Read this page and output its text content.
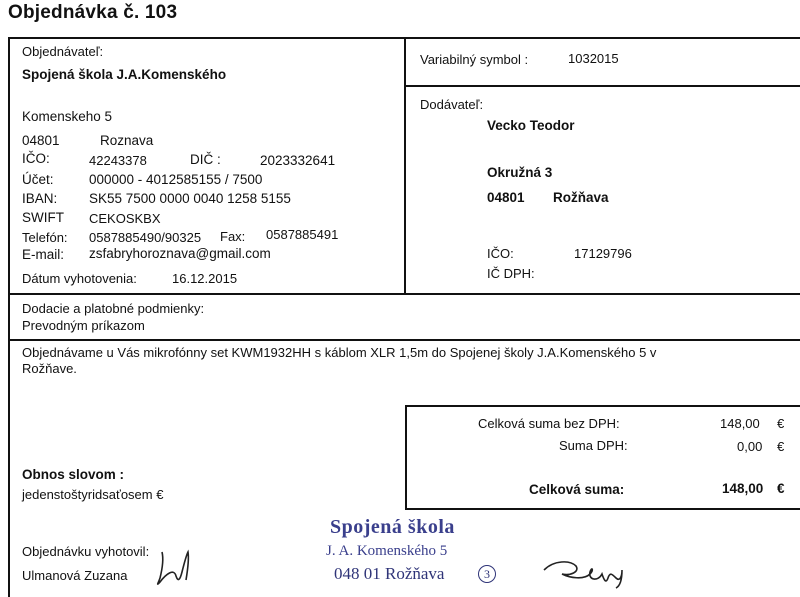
Objednávka č. 103
Objednávateľ:
Spojená škola J.A.Komenského
Komenskeho 5
04801	Roznava
IČO:	42243378	DIČ :	2023332641
Účet:	000000 - 4012585155 / 7500
IBAN: SK55 7500 0000 0040 1258 5155
SWIFT CEKOSKBX
Telefón: 0587885490/90325 Fax: 0587885491
E-mail: zsfabryhoroznava@gmail.com
Dátum vyhotovenia:	16.12.2015
Variabilný symbol :	1032015
Dodávateľ:
Vecko Teodor
Okružná 3
04801 Rožňava
IČO:	17129796
IČ DPH:
Dodacie a platobné podmienky:
Prevodným príkazom
Objednávame u Vás mikrofónny set KWM1932HH s káblom XLR 1,5m do Spojenej školy J.A.Komenského 5 v
Rožňave.
Celková suma bez DPH:	148,00 €
Suma DPH:	0,00 €
Celková suma:	148,00 €
Obnos slovom :
jedenstoštyridsaťosem €
Objednávku vyhotovil:
Ulmanová Zuzana
Spojená škola
J. A. Komenského 5
048 01 Rožňava	3
